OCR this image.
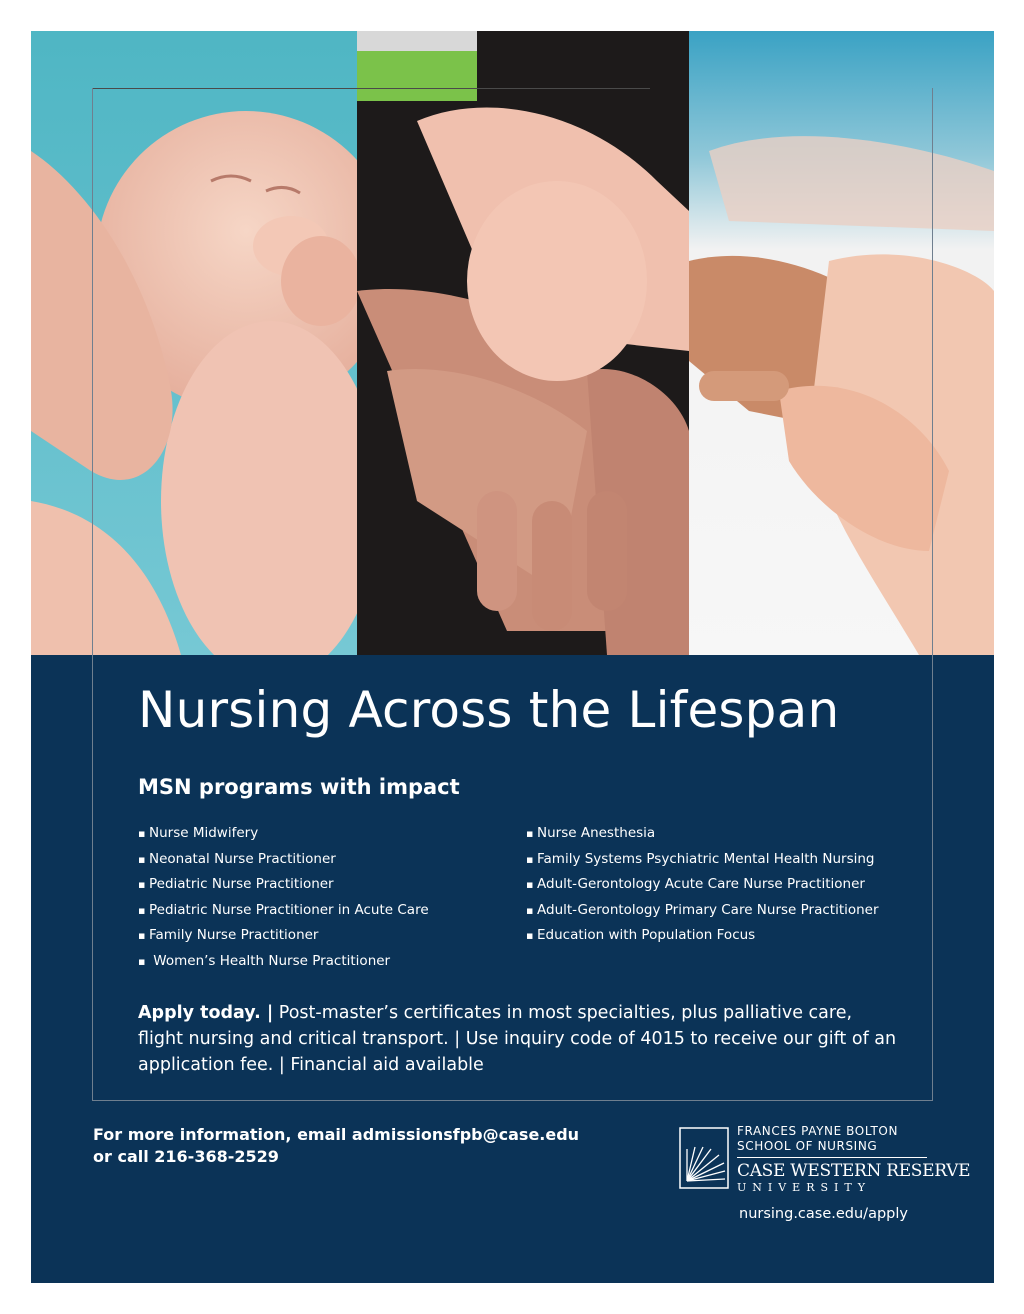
Nursing Across the Lifespan
MSN programs with impact
▪ Nurse Midwifery
▪ Neonatal Nurse Practitioner
▪ Pediatric Nurse Practitioner
▪ Pediatric Nurse Practitioner in Acute Care
▪ Family Nurse Practitioner
▪  Women’s Health Nurse Practitioner
▪ Nurse Anesthesia
▪ Family Systems Psychiatric Mental Health Nursing
▪ Adult-Gerontology Acute Care Nurse Practitioner
▪ Adult-Gerontology Primary Care Nurse Practitioner
▪ Education with Population Focus

Apply today. | Post-master’s certificates in most specialties, plus palliative care, flight nursing and critical transport. | Use inquiry code of 4015 to receive our gift of an application fee. | Financial aid available

For more information, email admissionsfpb@case.edu
or call 216-368-2529
FRANCES PAYNE BOLTON
SCHOOL OF NURSING
CASE WESTERN RESERVE
UNIVERSITY
nursing.case.edu/apply
